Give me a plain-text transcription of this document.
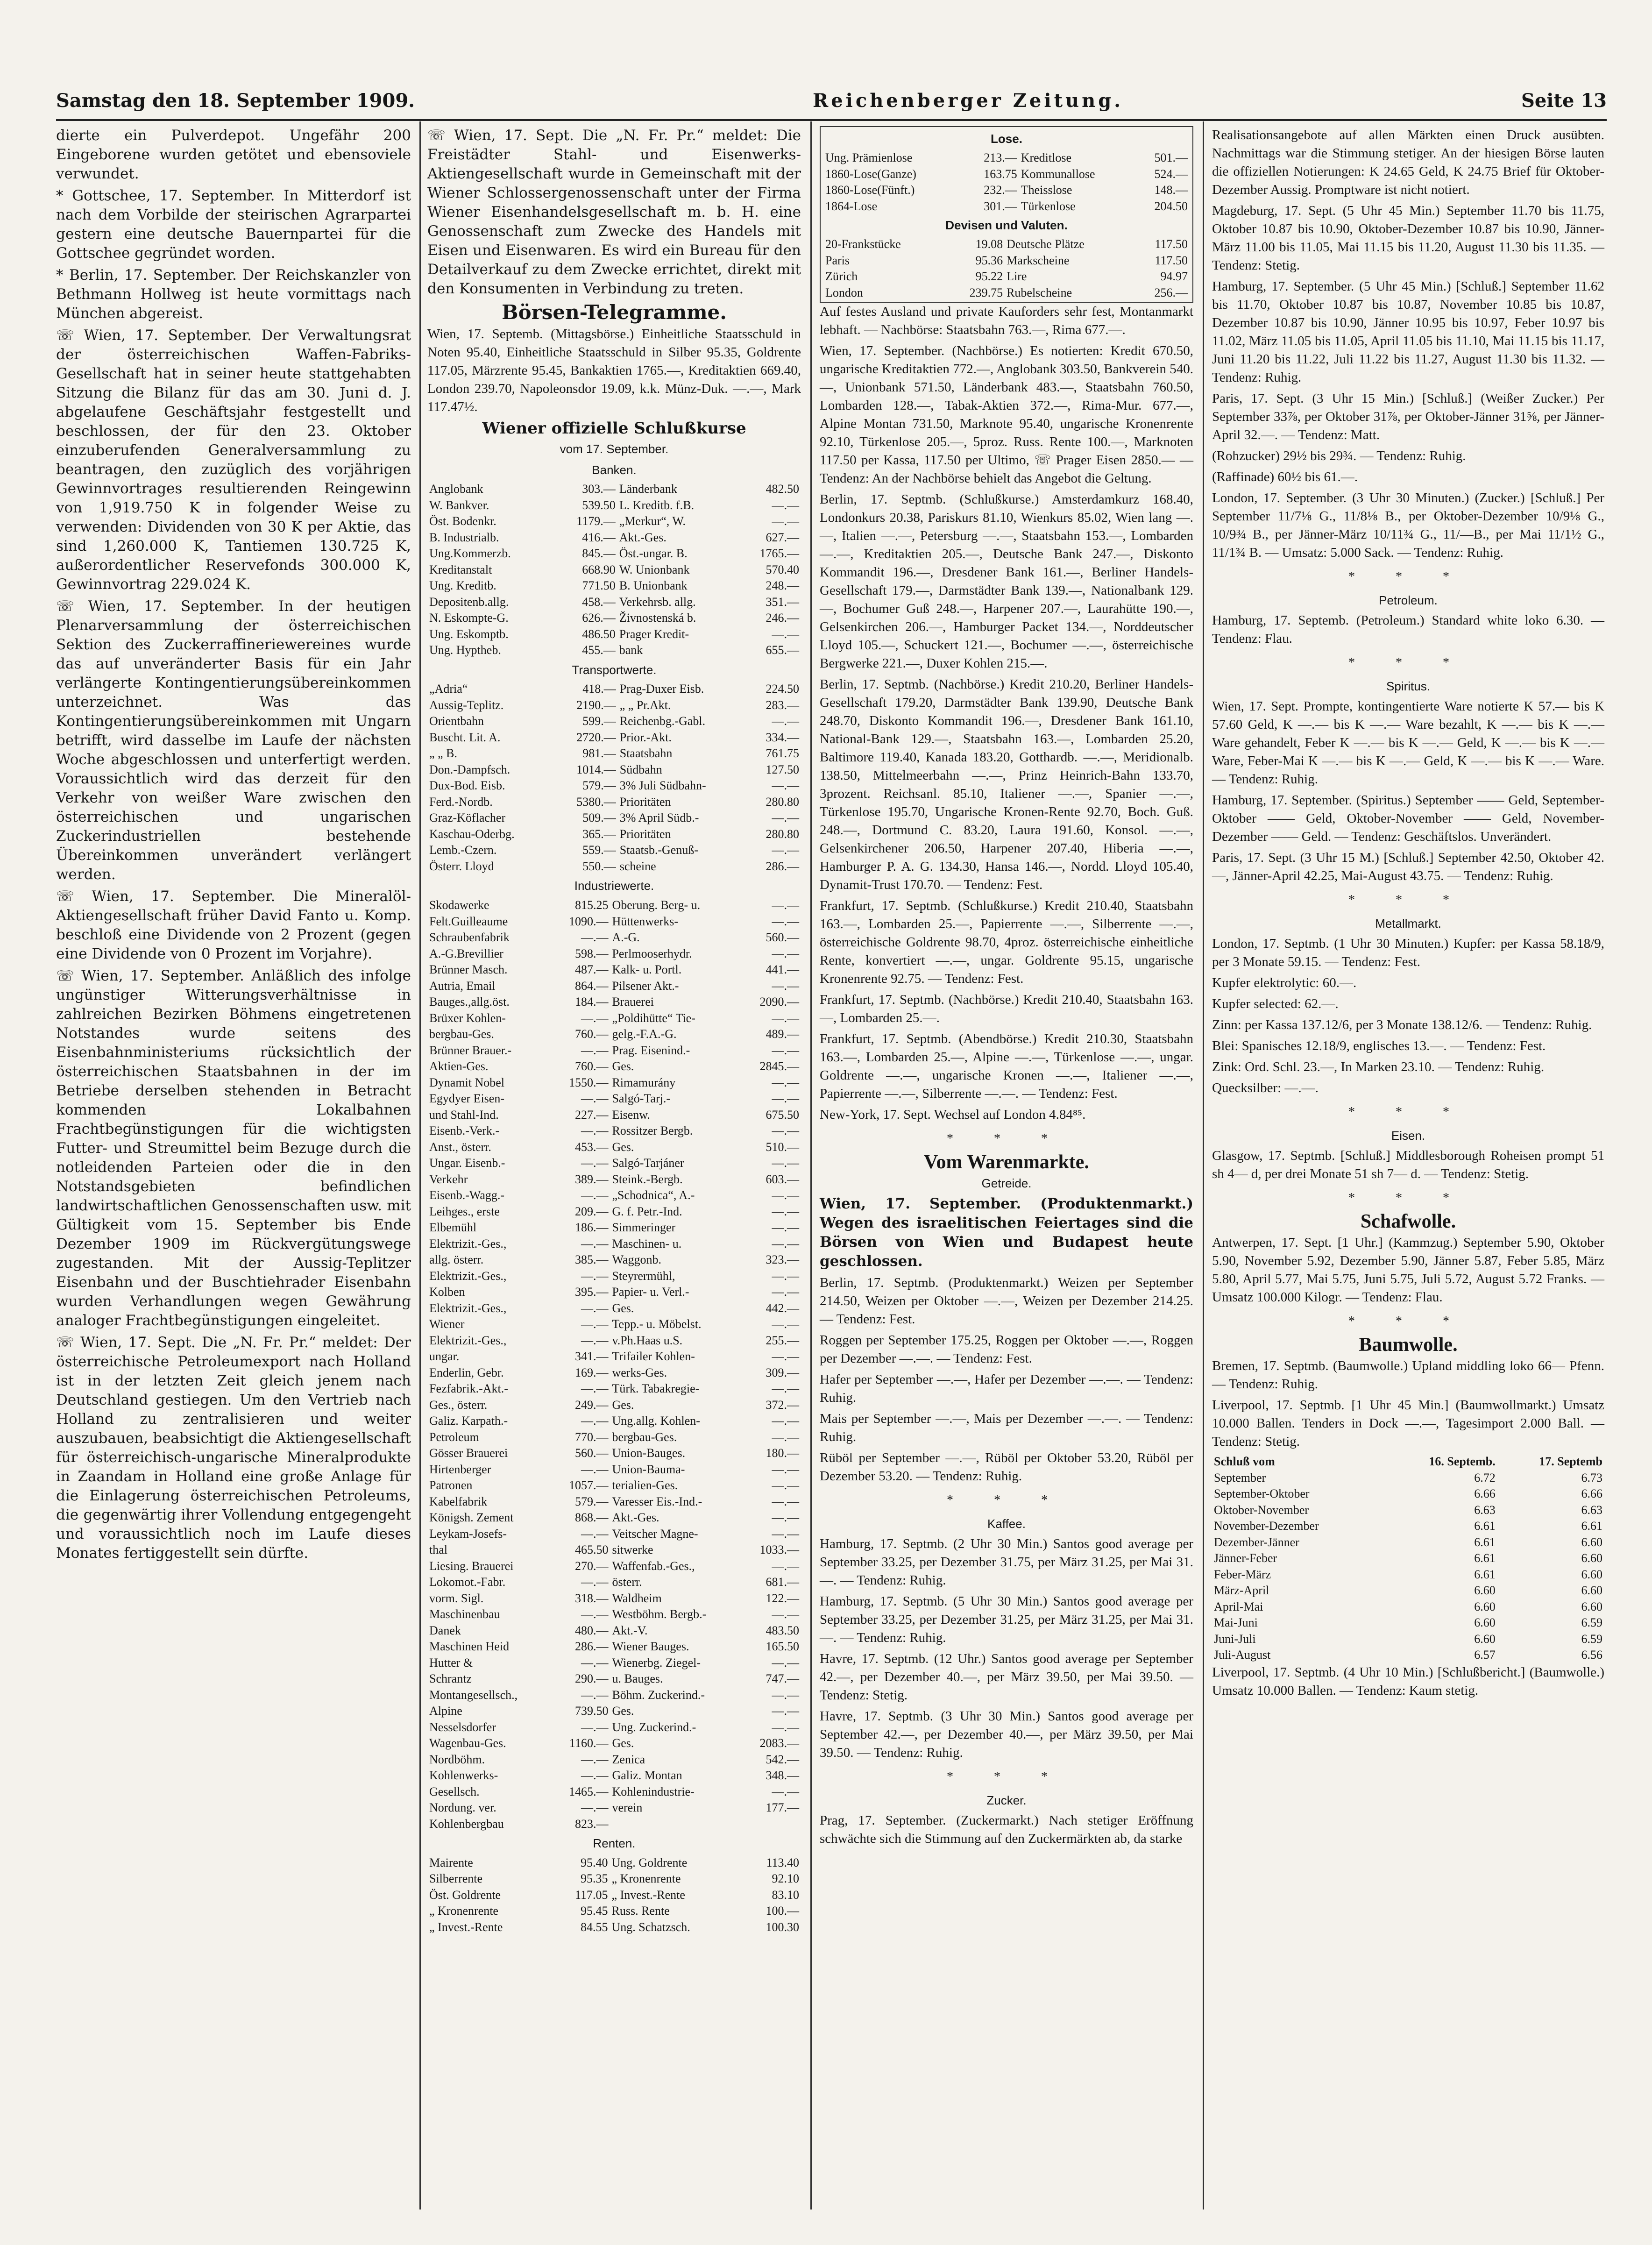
Samstag den 18. September 1909.	Reichenberger Zeitung.	Seite 13

dierte ein Pulverdepot. Ungefähr 200 Eingeborene wurden getötet und ebensoviele verwundet.

* Gottschee, 17. September. In Mitterdorf ist nach dem Vorbilde der steirischen Agrarpartei gestern eine deutsche Bauernpartei für die Gottschee gegründet worden.

* Berlin, 17. September. Der Reichskanzler von Bethmann Hollweg ist heute vormittags nach München abgereist.

☏ Wien, 17. September. Der Verwaltungsrat der österreichischen Waffen-Fabriks-Gesellschaft hat in seiner heute stattgehabten Sitzung die Bilanz für das am 30. Juni d. J. abgelaufene Geschäftsjahr festgestellt und beschlossen, der für den 23. Oktober einzuberufenden Generalversammlung zu beantragen, den zuzüglich des vorjährigen Gewinnvortrages resultierenden Reingewinn von 1,919.750 K in folgender Weise zu verwenden: Dividenden von 30 K per Aktie, das sind 1,260.000 K, Tantiemen 130.725 K, außerordentlicher Reservefonds 300.000 K, Gewinnvortrag 229.024 K.

☏ Wien, 17. September. In der heutigen Plenarversammlung der österreichischen Sektion des Zuckerraffineriewereines wurde das auf unveränderter Basis für ein Jahr verlängerte Kontingentierungsübereinkommen unterzeichnet. Was das Kontingentierungsübereinkommen mit Ungarn betrifft, wird dasselbe im Laufe der nächsten Woche abgeschlossen und unterfertigt werden. Voraussichtlich wird das derzeit für den Verkehr von weißer Ware zwischen den österreichischen und ungarischen Zuckerindustriellen bestehende Übereinkommen unverändert verlängert werden.

☏ Wien, 17. September. Die Mineralöl-Aktiengesellschaft früher David Fanto u. Komp. beschloß eine Dividende von 2 Prozent (gegen eine Dividende von 0 Prozent im Vorjahre).

☏ Wien, 17. September. Anläßlich des infolge ungünstiger Witterungsverhältnisse in zahlreichen Bezirken Böhmens eingetretenen Notstandes wurde seitens des Eisenbahnministeriums rücksichtlich der österreichischen Staatsbahnen in der im Betriebe derselben stehenden in Betracht kommenden Lokalbahnen Frachtbegünstigungen für die wichtigsten Futter- und Streumittel beim Bezuge durch die notleidenden Parteien oder die in den Notstandsgebieten befindlichen landwirtschaftlichen Genossenschaften usw. mit Gültigkeit vom 15. September bis Ende Dezember 1909 im Rückvergütungswege zugestanden. Mit der Aussig-Teplitzer Eisenbahn und der Buschtiehrader Eisenbahn wurden Verhandlungen wegen Gewährung analoger Frachtbegünstigungen eingeleitet.

☏ Wien, 17. Sept. Die „N. Fr. Pr.“ meldet: Der österreichische Petroleumexport nach Holland ist in der letzten Zeit gleich jenem nach Deutschland gestiegen. Um den Vertrieb nach Holland zu zentralisieren und weiter auszubauen, beabsichtigt die Aktiengesellschaft für österreichisch-ungarische Mineralprodukte in Zaandam in Holland eine große Anlage für die Einlagerung österreichischen Petroleums, die gegenwärtig ihrer Vollendung entgegengeht und voraussichtlich noch im Laufe dieses Monates fertiggestellt sein dürfte.

☏ Wien, 17. Sept. Die „N. Fr. Pr.“ meldet: Die Freistädter Stahl- und Eisenwerks-Aktiengesellschaft wurde in Gemeinschaft mit der Wiener Schlossergenossenschaft unter der Firma Wiener Eisenhandelsgesellschaft m. b. H. eine Genossenschaft zum Zwecke des Handels mit Eisen und Eisenwaren. Es wird ein Bureau für den Detailverkauf zu dem Zwecke errichtet, direkt mit den Konsumenten in Verbindung zu treten.

Börsen-Telegramme.

Wien, 17. Septemb. (Mittagsbörse.) Einheitliche Staatsschuld in Noten 95.40, Einheitliche Staatsschuld in Silber 95.35, Goldrente 117.05, Märzrente 95.45, Bankaktien 1765.—, Kreditaktien 669.40, London 239.70, Napoleonsdor 19.09, k.k. Münz-Duk. —.—, Mark 117.47½.

Wiener offizielle Schlußkurse
vom 17. September.
Banken.
Anglobank	303.—	Länderbank	482.50
W. Bankver.	539.50	L. Kreditb. f.B.	—.—
Öst. Bodenkr.	1179.—	„Merkur“, W.	—.—
B. Industrialb.	416.—	Akt.-Ges.	627.—
Ung.Kommerzb.	845.—	Öst.-ungar. B.	1765.—
Kreditanstalt	668.90	W. Unionbank	570.40
Ung. Kreditb.	771.50	B. Unionbank	248.—
Depositenb.allg.	458.—	Verkehrsb. allg.	351.—
N. Eskompte-G.	626.—	Živnostenská b.	246.—
Ung. Eskomptb.	486.50	Prager Kredit-	—.—
Ung. Hyptheb.	455.—	bank	655.—
Transportwerte.
„Adria“	418.—	Prag-Duxer Eisb.	224.50
Aussig-Teplitz.	2190.—	„ „ Pr.Akt.	283.—
Orientbahn	599.—	Reichenbg.-Gabl.	—.—
Buscht. Lit. A.	2720.—	Prior.-Akt.	334.—
„ „ B.	981.—	Staatsbahn	761.75
Don.-Dampfsch.	1014.—	Südbahn	127.50
Dux-Bod. Eisb.	579.—	3% Juli Südbahn-	—.—
Ferd.-Nordb.	5380.—	Prioritäten	280.80
Graz-Köflacher	509.—	3% April Südb.-	—.—
Kaschau-Oderbg.	365.—	Prioritäten	280.80
Lemb.-Czern.	559.—	Staatsb.-Genuß-	—.—
Österr. Lloyd	550.—	scheine	286.—
Industriewerte.
Skodawerke	815.25	Oberung. Berg- u.	—.—
Felt.Guilleaume	1090.—	Hüttenwerks-	—.—
Schraubenfabrik	—.—	A.-G.	560.—
A.-G.Brevillier	598.—	Perlmooserhydr.	—.—
Brünner Masch.	487.—	Kalk- u. Portl.	441.—
Autria, Email	864.—	Pilsener Akt.-	—.—
Bauges.,allg.öst.	184.—	Brauerei	2090.—
Brüxer Kohlen-	—.—	„Poldihütte“ Tie-	—.—
bergbau-Ges.	760.—	gelg.-F.A.-G.	489.—
Brünner Brauer.-	—.—	Prag. Eisenind.-	—.—
Aktien-Ges.	760.—	Ges.	2845.—
Dynamit Nobel	1550.—	Rimamurány	—.—
Egydyer Eisen-	—.—	Salgó-Tarj.-	—.—
und Stahl-Ind.	227.—	Eisenw.	675.50
Eisenb.-Verk.-	—.—	Rossitzer Bergb.	—.—
Anst., österr.	453.—	Ges.	510.—
Ungar. Eisenb.-	—.—	Salgó-Tarjáner	—.—
Verkehr	389.—	Steink.-Bergb.	603.—
Eisenb.-Wagg.-	—.—	„Schodnica“, A.-	—.—
Leihges., erste	209.—	G. f. Petr.-Ind.	—.—
Elbemühl	186.—	Simmeringer	—.—
Elektrizit.-Ges.,	—.—	Maschinen- u.	—.—
allg. österr.	385.—	Waggonb.	323.—
Elektrizit.-Ges.,	—.—	Steyrermühl,	—.—
Kolben	395.—	Papier- u. Verl.-	—.—
Elektrizit.-Ges.,	—.—	Ges.	442.—
Wiener	—.—	Tepp.- u. Möbelst.	—.—
Elektrizit.-Ges.,	—.—	v.Ph.Haas u.S.	255.—
ungar.	341.—	Trifailer Kohlen-	—.—
Enderlin, Gebr.	169.—	werks-Ges.	309.—
Fezfabrik.-Akt.-	—.—	Türk. Tabakregie-	—.—
Ges., österr.	249.—	Ges.	372.—
Galiz. Karpath.-	—.—	Ung.allg. Kohlen-	—.—
Petroleum	770.—	bergbau-Ges.	—.—
Gösser Brauerei	560.—	Union-Bauges.	180.—
Hirtenberger	—.—	Union-Bauma-	—.—
Patronen	1057.—	terialien-Ges.	—.—
Kabelfabrik	579.—	Varesser Eis.-Ind.-	—.—
Königsh. Zement	868.—	Akt.-Ges.	—.—
Leykam-Josefs-	—.—	Veitscher Magne-	—.—
thal	465.50	sitwerke	1033.—
Liesing. Brauerei	270.—	Waffenfab.-Ges.,	—.—
Lokomot.-Fabr.	—.—	österr.	681.—
vorm. Sigl.	318.—	Waldheim	122.—
Maschinenbau	—.—	Westböhm. Bergb.-	—.—
Danek	480.—	Akt.-V.	483.50
Maschinen Heid	286.—	Wiener Bauges.	165.50
Hutter &	—.—	Wienerbg. Ziegel-	—.—
Schrantz	290.—	u. Bauges.	747.—
Montangesellsch.,	—.—	Böhm. Zuckerind.-	—.—
Alpine	739.50	Ges.	—.—
Nesselsdorfer	—.—	Ung. Zuckerind.-	—.—
Wagenbau-Ges.	1160.—	Ges.	2083.—
Nordböhm.	—.—	Zenica	542.—
Kohlenwerks-	—.—	Galiz. Montan	348.—
Gesellsch.	1465.—	Kohlenindustrie-	—.—
Nordung. ver.	—.—	verein	177.—
Kohlenbergbau	823.—		
Renten.
Mairente	95.40	Ung. Goldrente	113.40
Silberrente	95.35	„ Kronenrente	92.10
Öst. Goldrente	117.05	„ Invest.-Rente	83.10
„ Kronenrente	95.45	Russ. Rente	100.—
„ Invest.-Rente	84.55	Ung. Schatzsch.	100.30
Lose.
Ung. Prämienlose	213.—	Kreditlose	501.—
1860-Lose(Ganze)	163.75	Kommunallose	524.—
1860-Lose(Fünft.)	232.—	Theisslose	148.—
1864-Lose	301.—	Türkenlose	204.50
Devisen und Valuten.
20-Frankstücke	19.08	Deutsche Plätze	117.50
Paris	95.36	Markscheine	117.50
Zürich	95.22	Lire	94.97
London	239.75	Rubelscheine	256.—

Auf festes Ausland und private Kauforders sehr fest, Montanmarkt lebhaft. — Nachbörse: Staatsbahn 763.—, Rima 677.—.

Wien, 17. September. (Nachbörse.) Es notierten: Kredit 670.50, ungarische Kreditaktien 772.—, Anglobank 303.50, Bankverein 540.—, Unionbank 571.50, Länderbank 483.—, Staatsbahn 760.50, Lombarden 128.—, Tabak-Aktien 372.—, Rima-Mur. 677.—, Alpine Montan 731.50, Marknote 95.40, ungarische Kronenrente 92.10, Türkenlose 205.—, 5proz. Russ. Rente 100.—, Marknoten 117.50 per Kassa, 117.50 per Ultimo, ☏ Prager Eisen 2850.— — Tendenz: An der Nachbörse behielt das Angebot die Geltung.

Berlin, 17. Septmb. (Schlußkurse.) Amsterdamkurz 168.40, Londonkurs 20.38, Pariskurs 81.10, Wienkurs 85.02, Wien lang —.—, Italien —.—, Petersburg —.—, Staatsbahn 153.—, Lombarden —.—, Kreditaktien 205.—, Deutsche Bank 247.—, Diskonto Kommandit 196.—, Dresdener Bank 161.—, Berliner Handels-Gesellschaft 179.—, Darmstädter Bank 139.—, Nationalbank 129.—, Bochumer Guß 248.—, Harpener 207.—, Laurahütte 190.—, Gelsenkirchen 206.—, Hamburger Packet 134.—, Norddeutscher Lloyd 105.—, Schuckert 121.—, Bochumer —.—, österreichische Bergwerke 221.—, Duxer Kohlen 215.—.

Berlin, 17. Septmb. (Nachbörse.) Kredit 210.20, Berliner Handels-Gesellschaft 179.20, Darmstädter Bank 139.90, Deutsche Bank 248.70, Diskonto Kommandit 196.—, Dresdener Bank 161.10, National-Bank 129.—, Staatsbahn 163.—, Lombarden 25.20, Baltimore 119.40, Kanada 183.20, Gotthardb. —.—, Meridionalb. 138.50, Mittelmeerbahn —.—, Prinz Heinrich-Bahn 133.70, 3prozent. Reichsanl. 85.10, Italiener —.—, Spanier —.—, Türkenlose 195.70, Ungarische Kronen-Rente 92.70, Boch. Guß. 248.—, Dortmund C. 83.20, Laura 191.60, Konsol. —.—, Gelsenkirchener 206.50, Harpener 207.40, Hiberia —.—, Hamburger P. A. G. 134.30, Hansa 146.—, Nordd. Lloyd 105.40, Dynamit-Trust 170.70. — Tendenz: Fest.

Frankfurt, 17. Septmb. (Schlußkurse.) Kredit 210.40, Staatsbahn 163.—, Lombarden 25.—, Papierrente —.—, Silberrente —.—, österreichische Goldrente 98.70, 4proz. österreichische einheitliche Rente, konvertiert —.—, ungar. Goldrente 95.15, ungarische Kronenrente 92.75. — Tendenz: Fest.

Frankfurt, 17. Septmb. (Nachbörse.) Kredit 210.40, Staatsbahn 163.—, Lombarden 25.—.

Frankfurt, 17. Septmb. (Abendbörse.) Kredit 210.30, Staatsbahn 163.—, Lombarden 25.—, Alpine —.—, Türkenlose —.—, ungar. Goldrente —.—, ungarische Kronen —.—, Italiener —.—, Papierrente —.—, Silberrente —.—. — Tendenz: Fest.

New-York, 17. Sept. Wechsel auf London 4.84⁸⁵.

* * *
Vom Warenmarkte.
Getreide.

Wien, 17. September. (Produktenmarkt.) Wegen des israelitischen Feiertages sind die Börsen von Wien und Budapest heute geschlossen.

Berlin, 17. Septmb. (Produktenmarkt.) Weizen per September 214.50, Weizen per Oktober —.—, Weizen per Dezember 214.25. — Tendenz: Fest.

Roggen per September 175.25, Roggen per Oktober —.—, Roggen per Dezember —.—. — Tendenz: Fest.

Hafer per September —.—, Hafer per Dezember —.—. — Tendenz: Ruhig.

Mais per September —.—, Mais per Dezember —.—. — Tendenz: Ruhig.

Rüböl per September —.—, Rüböl per Oktober 53.20, Rüböl per Dezember 53.20. — Tendenz: Ruhig.

* * *
Kaffee.

Hamburg, 17. Septmb. (2 Uhr 30 Min.) Santos good average per September 33.25, per Dezember 31.75, per März 31.25, per Mai 31.—. — Tendenz: Ruhig.

Hamburg, 17. Septmb. (5 Uhr 30 Min.) Santos good average per September 33.25, per Dezember 31.25, per März 31.25, per Mai 31.—. — Tendenz: Ruhig.

Havre, 17. Septmb. (12 Uhr.) Santos good average per September 42.—, per Dezember 40.—, per März 39.50, per Mai 39.50. — Tendenz: Stetig.

Havre, 17. Septmb. (3 Uhr 30 Min.) Santos good average per September 42.—, per Dezember 40.—, per März 39.50, per Mai 39.50. — Tendenz: Ruhig.

* * *
Zucker.

Prag, 17. September. (Zuckermarkt.) Nach stetiger Eröffnung schwächte sich die Stimmung auf den Zuckermärkten ab, da starke

Realisationsangebote auf allen Märkten einen Druck ausübten. Nachmittags war die Stimmung stetiger. An der hiesigen Börse lauten die offiziellen Notierungen: K 24.65 Geld, K 24.75 Brief für Oktober-Dezember Aussig. Promptware ist nicht notiert.

Magdeburg, 17. Sept. (5 Uhr 45 Min.) September 11.70 bis 11.75, Oktober 10.87 bis 10.90, Oktober-Dezember 10.87 bis 10.90, Jänner-März 11.00 bis 11.05, Mai 11.15 bis 11.20, August 11.30 bis 11.35. — Tendenz: Stetig.

Hamburg, 17. September. (5 Uhr 45 Min.) [Schluß.] September 11.62 bis 11.70, Oktober 10.87 bis 10.87, November 10.85 bis 10.87, Dezember 10.87 bis 10.90, Jänner 10.95 bis 10.97, Feber 10.97 bis 11.02, März 11.05 bis 11.05, April 11.05 bis 11.10, Mai 11.15 bis 11.17, Juni 11.20 bis 11.22, Juli 11.22 bis 11.27, August 11.30 bis 11.32. — Tendenz: Ruhig.

Paris, 17. Sept. (3 Uhr 15 Min.) [Schluß.] (Weißer Zucker.) Per September 33⅞, per Oktober 31⅞, per Oktober-Jänner 31⅝, per Jänner-April 32.—. — Tendenz: Matt.

(Rohzucker) 29½ bis 29¾. — Tendenz: Ruhig.

(Raffinade) 60½ bis 61.—.

London, 17. September. (3 Uhr 30 Minuten.) (Zucker.) [Schluß.] Per September 11/7⅛ G., 11/8⅛ B., per Oktober-Dezember 10/9⅛ G., 10/9¾ B., per Jänner-März 10/11¾ G., 11/—B., per Mai 11/1½ G., 11/1¾ B. — Umsatz: 5.000 Sack. — Tendenz: Ruhig.

* * *
Petroleum.

Hamburg, 17. Septemb. (Petroleum.) Standard white loko 6.30. — Tendenz: Flau.

* * *
Spiritus.

Wien, 17. Sept. Prompte, kontingentierte Ware notierte K 57.— bis K 57.60 Geld, K —.— bis K —.— Ware bezahlt, K —.— bis K —.— Ware gehandelt, Feber K —.— bis K —.— Geld, K —.— bis K —.— Ware, Feber-Mai K —.— bis K —.— Geld, K —.— bis K —.— Ware. — Tendenz: Ruhig.

Hamburg, 17. September. (Spiritus.) September —— Geld, September-Oktober —— Geld, Oktober-November —— Geld, November-Dezember —— Geld. — Tendenz: Geschäftslos. Unverändert.

Paris, 17. Sept. (3 Uhr 15 M.) [Schluß.] September 42.50, Oktober 42.—, Jänner-April 42.25, Mai-August 43.75. — Tendenz: Ruhig.

* * *
Metallmarkt.

London, 17. Septmb. (1 Uhr 30 Minuten.) Kupfer: per Kassa 58.18/9, per 3 Monate 59.15. — Tendenz: Fest.

Kupfer elektrolytic: 60.—.

Kupfer selected: 62.—.

Zinn: per Kassa 137.12/6, per 3 Monate 138.12/6. — Tendenz: Ruhig.

Blei: Spanisches 12.18/9, englisches 13.—. — Tendenz: Fest.

Zink: Ord. Schl. 23.—, In Marken 23.10. — Tendenz: Ruhig.

Quecksilber: —.—.

* * *
Eisen.

Glasgow, 17. Septmb. [Schluß.] Middlesborough Roheisen prompt 51 sh 4— d, per drei Monate 51 sh 7— d. — Tendenz: Stetig.

* * *
Schafwolle.

Antwerpen, 17. Sept. [1 Uhr.] (Kammzug.) September 5.90, Oktober 5.90, November 5.92, Dezember 5.90, Jänner 5.87, Feber 5.85, März 5.80, April 5.77, Mai 5.75, Juni 5.75, Juli 5.72, August 5.72 Franks. — Umsatz 100.000 Kilogr. — Tendenz: Flau.

* * *
Baumwolle.

Bremen, 17. Septmb. (Baumwolle.) Upland middling loko 66— Pfenn. — Tendenz: Ruhig.

Liverpool, 17. Septmb. [1 Uhr 45 Min.] (Baumwollmarkt.) Umsatz 10.000 Ballen. Tenders in Dock —.—, Tagesimport 2.000 Ball. — Tendenz: Stetig.

Schluß vom	16. Septemb.	17. Septemb
September	6.72	6.73
September-Oktober	6.66	6.66
Oktober-November	6.63	6.63
November-Dezember	6.61	6.61
Dezember-Jänner	6.61	6.60
Jänner-Feber	6.61	6.60
Feber-März	6.61	6.60
März-April	6.60	6.60
April-Mai	6.60	6.60
Mai-Juni	6.60	6.59
Juni-Juli	6.60	6.59
Juli-August	6.57	6.56

Liverpool, 17. Septmb. (4 Uhr 10 Min.) [Schlußbericht.] (Baumwolle.) Umsatz 10.000 Ballen. — Tendenz: Kaum stetig.
